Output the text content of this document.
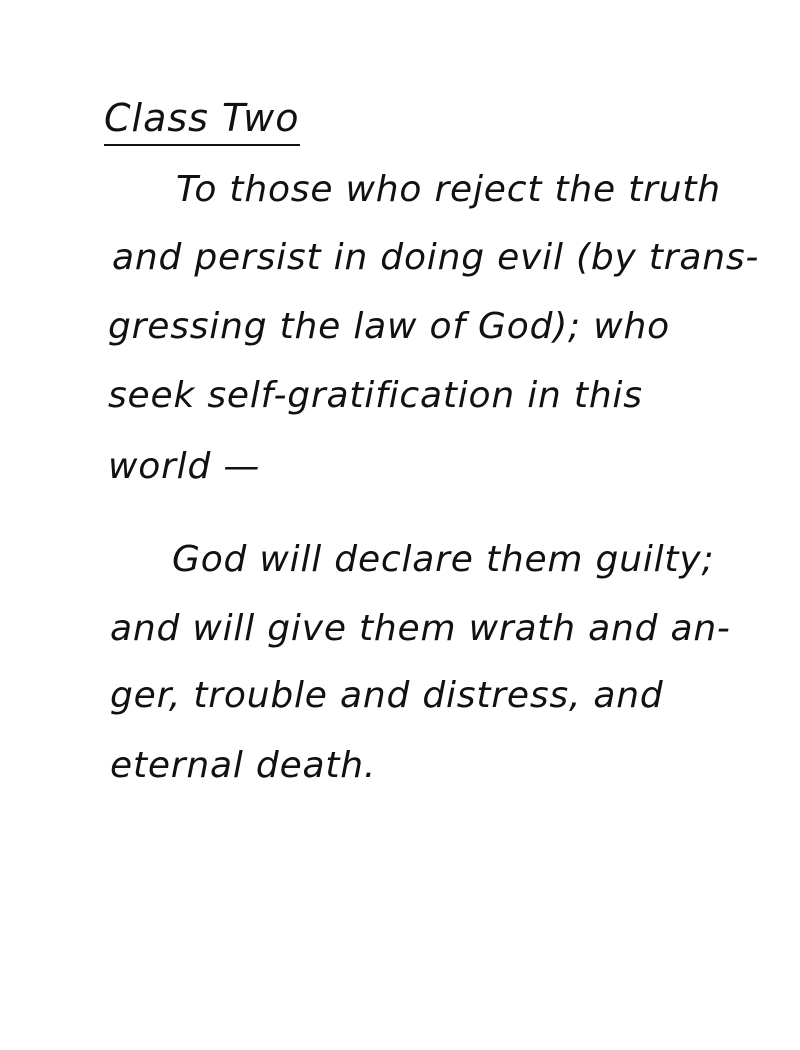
Class Two
To those who reject the truth
and persist in doing evil (by trans-
gressing the law of God); who
seek self-gratification in this
world —
God will declare them guilty;
and will give them wrath and an-
ger, trouble and distress, and
eternal death.
